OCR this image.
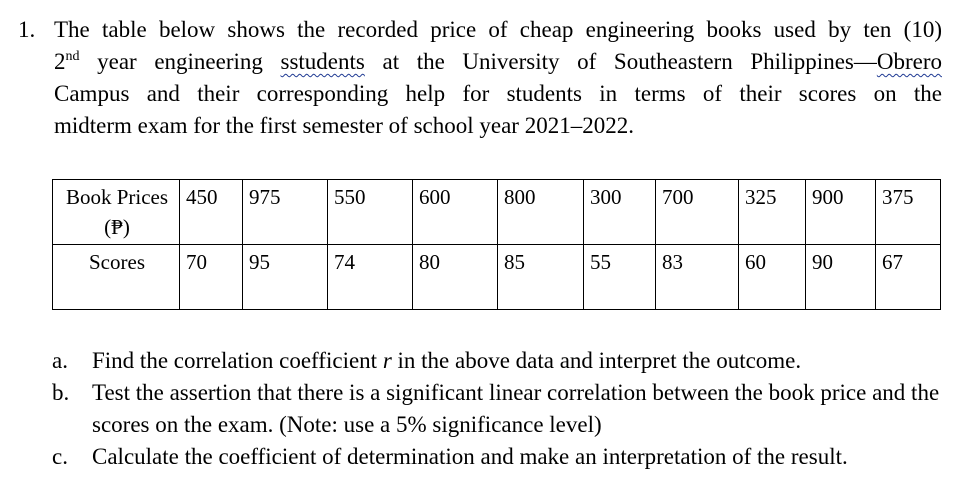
1. The table below shows the recorded price of cheap engineering books used by ten (10)
2nd year engineering sstudents at the University of Southeastern Philippines—Obrero
Campus and their corresponding help for students in terms of their scores on the
midterm exam for the first semester of school year 2021–2022.
Book Prices (₱)	450	975	550	600	800	300	700	325	900	375
Scores	70	95	74	80	85	55	83	60	90	67
a.	Find the correlation coefficient r in the above data and interpret the outcome.
b. Test the assertion that there is a significant linear correlation between the book price and the scores on the exam. (Note: use a 5% significance level)
c.	Calculate the coefficient of determination and make an interpretation of the result.
